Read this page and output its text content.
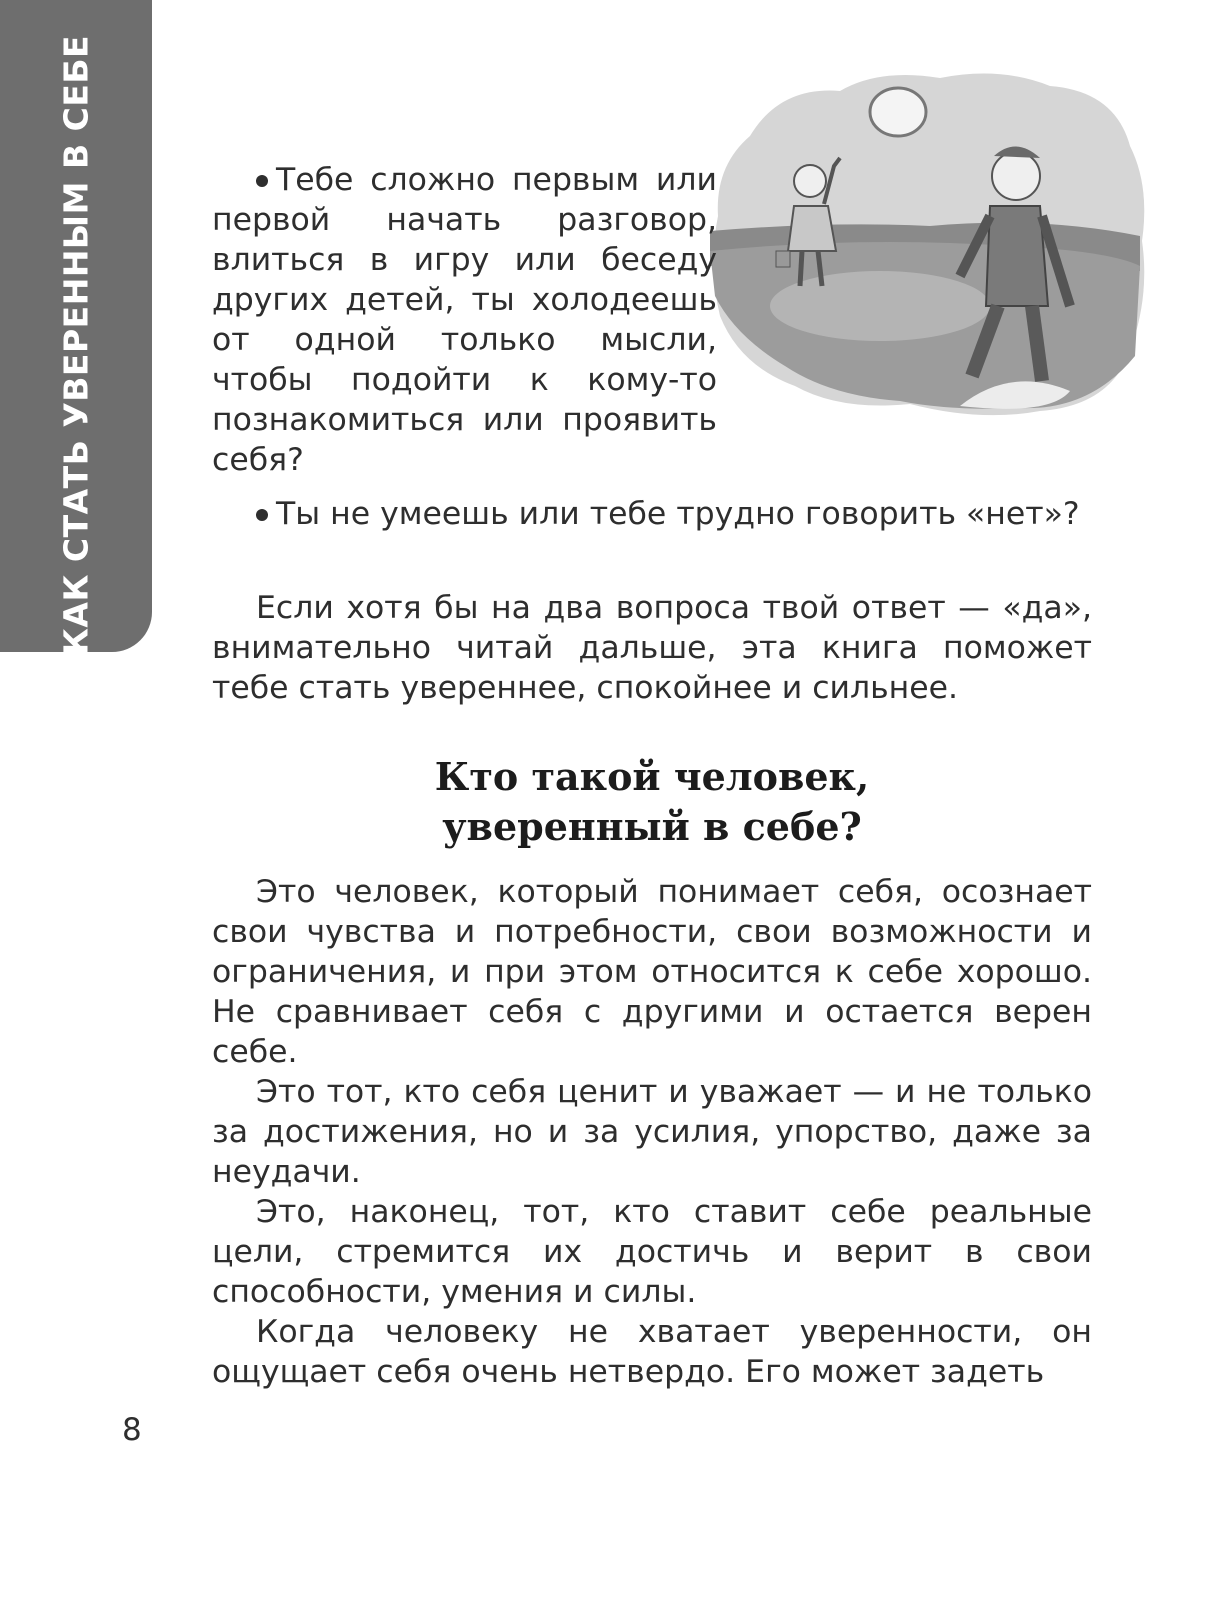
КАК СТАТЬ УВЕРЕННЫМ В СЕБЕ	Тебе сложно первым или первой начать разговор, влиться в игру или беседу других детей, ты холодеешь от одной только мысли, чтобы подойти к кому-то познакомиться или проявить себя?

Ты не умеешь или тебе трудно говорить «нет»?

Если хотя бы на два вопроса твой ответ — «да», внимательно читай дальше, эта книга поможет тебе стать увереннее, спокойнее и сильнее.

Кто такой человек,
уверенный в себе?

Это человек, который понимает себя, осознает свои чувства и потребности, свои возможности и ограничения, и при этом относится к себе хорошо. Не сравнивает себя с другими и остается верен себе.

Это тот, кто себя ценит и уважает — и не только за достижения, но и за усилия, упорство, даже за неудачи.

Это, наконец, тот, кто ставит себе реальные цели, стремится их достичь и верит в свои способности, умения и силы.

Когда человеку не хватает уверенности, он ощущает себя очень нетвердо. Его может задеть

8
